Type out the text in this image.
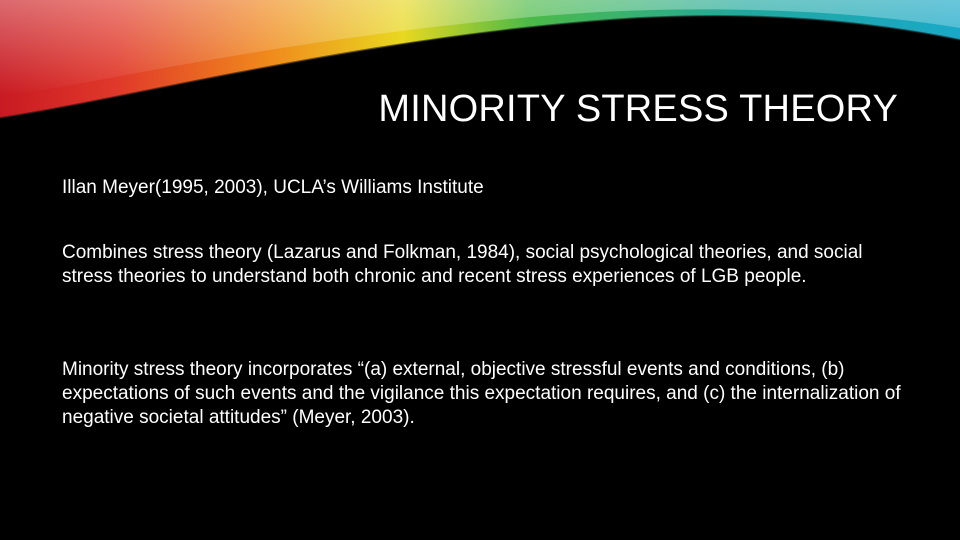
MINORITY STRESS THEORY

Illan Meyer(1995, 2003), UCLA’s Williams Institute

Combines stress theory (Lazarus and Folkman, 1984), social psychological theories, and social stress theories to understand both chronic and recent stress experiences of LGB people.

Minority stress theory incorporates “(a) external, objective stressful events and conditions, (b) expectations of such events and the vigilance this expectation requires, and (c) the internalization of negative societal attitudes” (Meyer, 2003).
